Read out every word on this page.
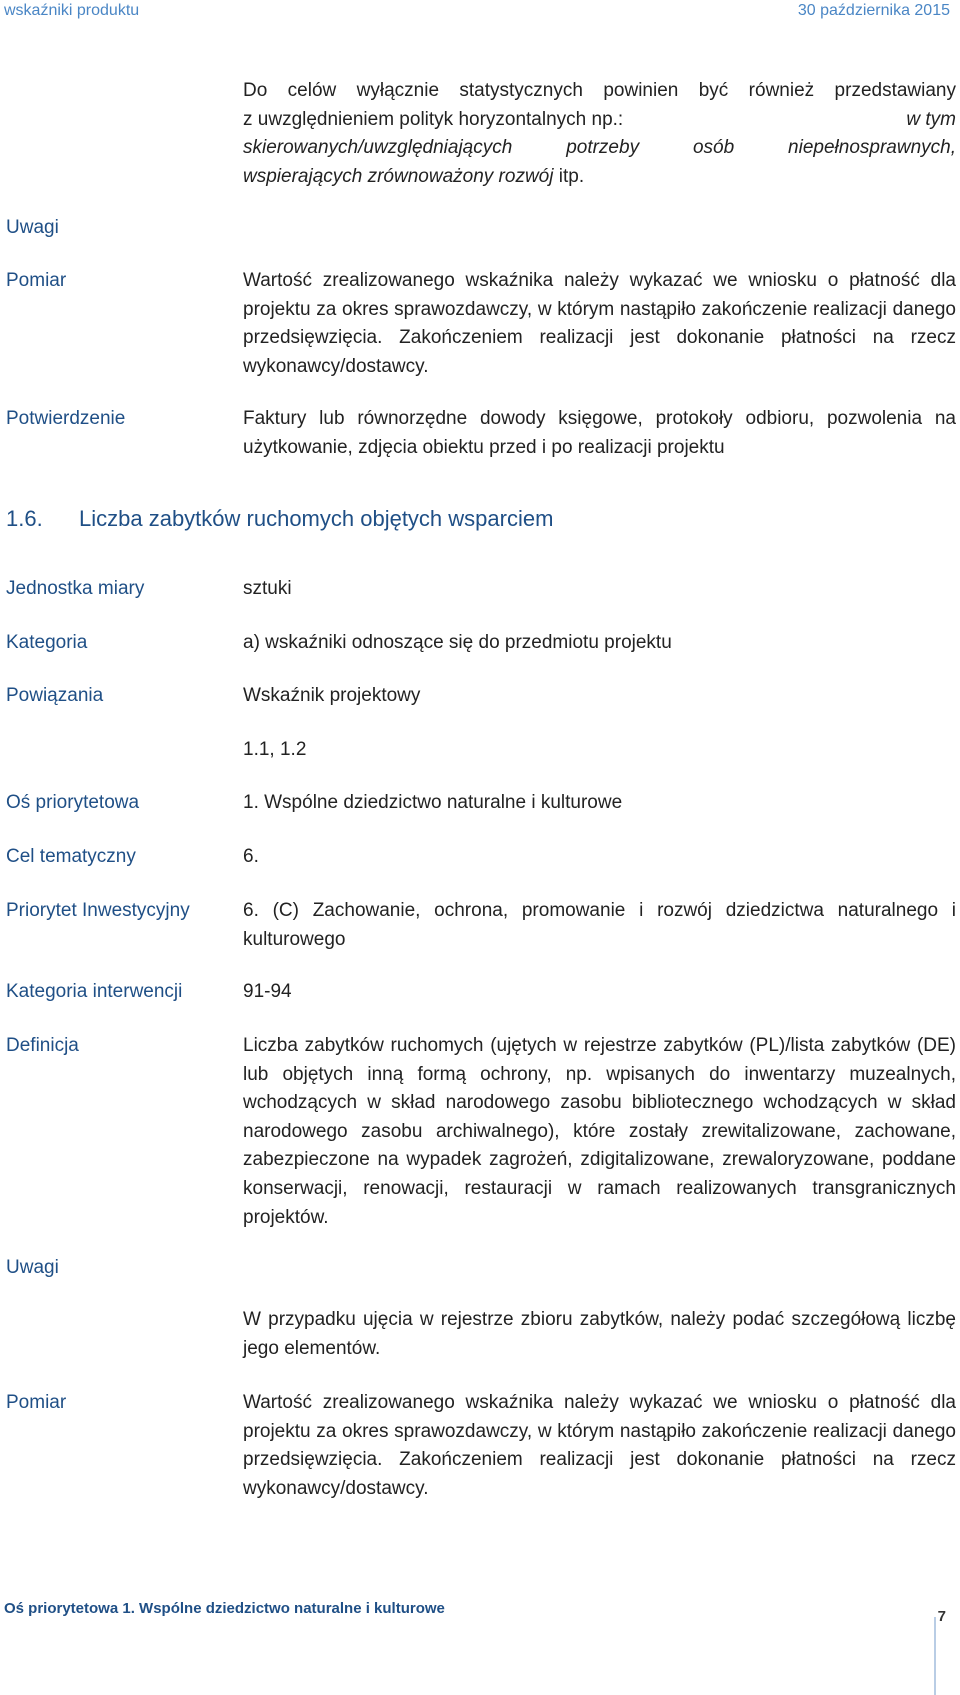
wskaźniki produktu	30 października 2015
Do celów wyłącznie statystycznych powinien być również przedstawiany
z uwzględnieniem polityk horyzontalnych np.:	w tym
skierowanych/uwzględniających potrzeby osób niepełnosprawnych,
wspierających zrównoważony rozwój itp.
Uwagi
Pomiar	Wartość zrealizowanego wskaźnika należy wykazać we wniosku o płatność dla projektu za okres sprawozdawczy, w którym nastąpiło zakończenie realizacji danego przedsięwzięcia. Zakończeniem realizacji jest dokonanie płatności na rzecz wykonawcy/dostawcy.
Potwierdzenie	Faktury lub równorzędne dowody księgowe, protokoły odbioru, pozwolenia na użytkowanie, zdjęcia obiektu przed i po realizacji projektu
1.6. Liczba zabytków ruchomych objętych wsparciem
Jednostka miary	sztuki
Kategoria	a) wskaźniki odnoszące się do przedmiotu projektu
Powiązania	Wskaźnik projektowy
1.1, 1.2
Oś priorytetowa	1. Wspólne dziedzictwo naturalne i kulturowe
Cel tematyczny	6.
Priorytet Inwestycyjny	6. (C) Zachowanie, ochrona, promowanie i rozwój dziedzictwa naturalnego i kulturowego
Kategoria interwencji	91-94
Definicja	Liczba zabytków ruchomych (ujętych w rejestrze zabytków (PL)/lista zabytków (DE) lub objętych inną formą ochrony, np. wpisanych do inwentarzy muzealnych, wchodzących w skład narodowego zasobu bibliotecznego wchodzących w skład narodowego zasobu archiwalnego), które zostały zrewitalizowane, zachowane, zabezpieczone na wypadek zagrożeń, zdigitalizowane, zrewaloryzowane, poddane konserwacji, renowacji, restauracji w ramach realizowanych transgranicznych projektów.
Uwagi
W przypadku ujęcia w rejestrze zbioru zabytków, należy podać szczegółową liczbę jego elementów.
Pomiar	Wartość zrealizowanego wskaźnika należy wykazać we wniosku o płatność dla projektu za okres sprawozdawczy, w którym nastąpiło zakończenie realizacji danego przedsięwzięcia. Zakończeniem realizacji jest dokonanie płatności na rzecz wykonawcy/dostawcy.
Oś priorytetowa 1. Wspólne dziedzictwo naturalne i kulturowe	7
